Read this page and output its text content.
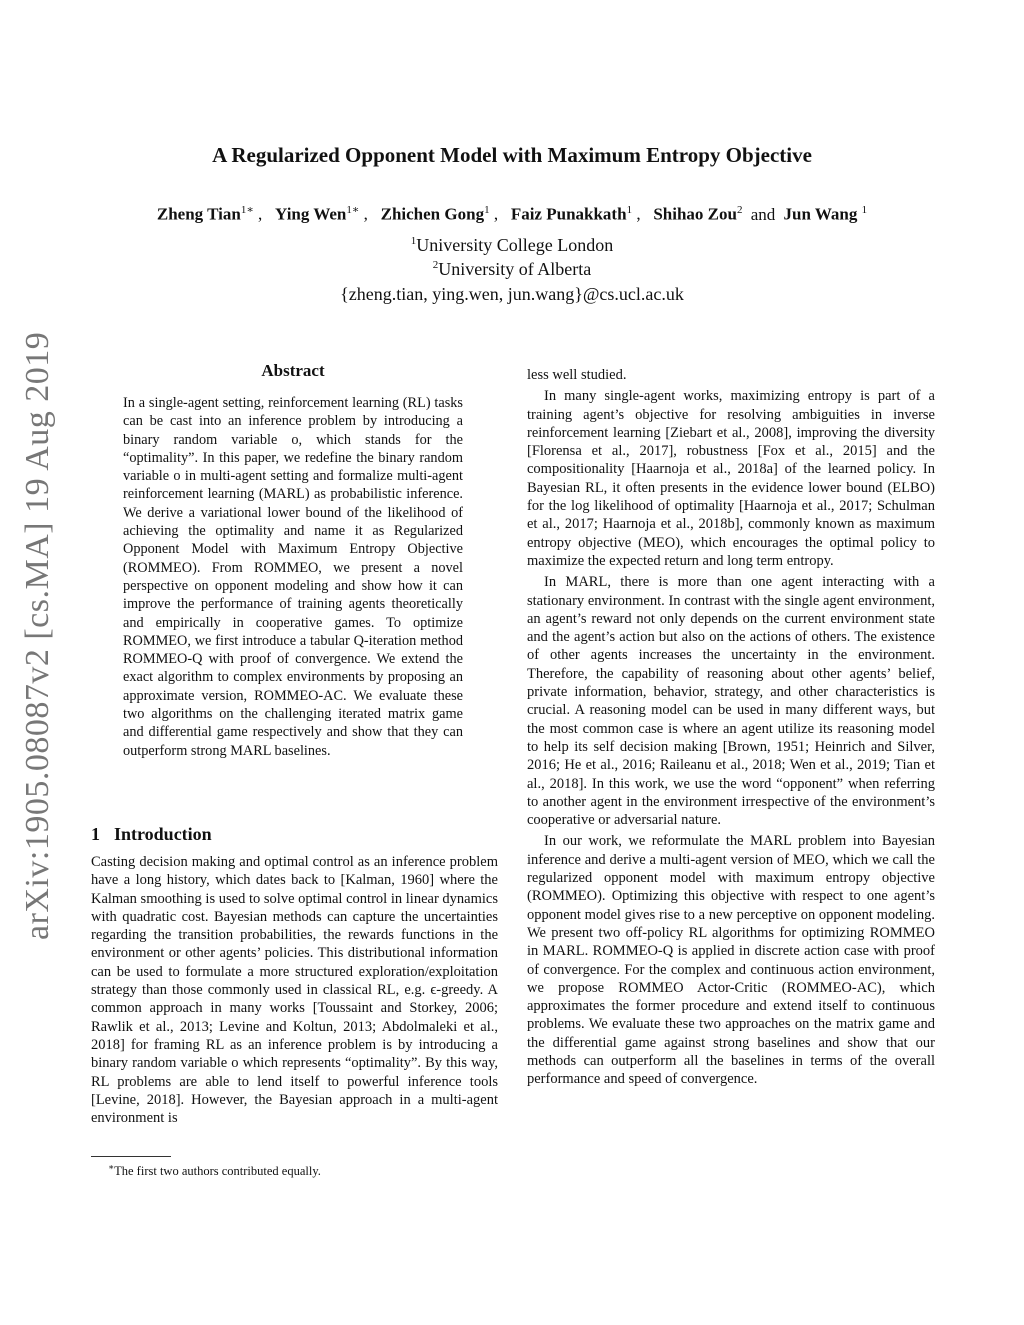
arXiv:1905.08087v2 [cs.MA] 19 Aug 2019
A Regularized Opponent Model with Maximum Entropy Objective
Zheng Tian$^{1∗}$ ,   Ying Wen$^{1∗}$ ,   Zhichen Gong$^1$ ,   Faiz Punakkath$^1$ ,   Shihao Zou$^2$ and Jun Wang $^1$
$^1$University College London
$^2$University of Alberta
{zheng.tian, ying.wen, jun.wang}@cs.ucl.ac.uk
Abstract
In a single-agent setting, reinforcement learning (RL) tasks can be cast into an inference problem by introducing a binary random variable o, which stands for the “optimality”. In this paper, we redefine the binary random variable o in multi-agent setting and formalize multi-agent reinforcement learning (MARL) as probabilistic inference. We derive a variational lower bound of the likelihood of achieving the optimality and name it as Regularized Opponent Model with Maximum Entropy Objective (ROMMEO). From ROMMEO, we present a novel perspective on opponent modeling and show how it can improve the performance of training agents theoretically and empirically in cooperative games. To optimize ROMMEO, we first introduce a tabular Q-iteration method ROMMEO-Q with proof of convergence. We extend the exact algorithm to complex environments by proposing an approximate version, ROMMEO-AC. We evaluate these two algorithms on the challenging iterated matrix game and differential game respectively and show that they can outperform strong MARL baselines.
1 Introduction

Casting decision making and optimal control as an inference problem have a long history, which dates back to [Kalman, 1960] where the Kalman smoothing is used to solve optimal control in linear dynamics with quadratic cost. Bayesian methods can capture the uncertainties regarding the transition probabilities, the rewards functions in the environment or other agents’ policies. This distributional information can be used to formulate a more structured exploration/exploitation strategy than those commonly used in classical RL, e.g. ϵ-greedy. A common approach in many works [Toussaint and Storkey, 2006; Rawlik et al., 2013; Levine and Koltun, 2013; Abdolmaleki et al., 2018] for framing RL as an inference problem is by introducing a binary random variable o which represents “optimality”. By this way, RL problems are able to lend itself to powerful inference tools [Levine, 2018]. However, the Bayesian approach in a multi-agent environment is

∗The first two authors contributed equally.

less well studied.

In many single-agent works, maximizing entropy is part of a training agent’s objective for resolving ambiguities in inverse reinforcement learning [Ziebart et al., 2008], improving the diversity [Florensa et al., 2017], robustness [Fox et al., 2015] and the compositionality [Haarnoja et al., 2018a] of the learned policy. In Bayesian RL, it often presents in the evidence lower bound (ELBO) for the log likelihood of optimality [Haarnoja et al., 2017; Schulman et al., 2017; Haarnoja et al., 2018b], commonly known as maximum entropy objective (MEO), which encourages the optimal policy to maximize the expected return and long term entropy.

In MARL, there is more than one agent interacting with a stationary environment. In contrast with the single agent environment, an agent’s reward not only depends on the current environment state and the agent’s action but also on the actions of others. The existence of other agents increases the uncertainty in the environment. Therefore, the capability of reasoning about other agents’ belief, private information, behavior, strategy, and other characteristics is crucial. A reasoning model can be used in many different ways, but the most common case is where an agent utilize its reasoning model to help its self decision making [Brown, 1951; Heinrich and Silver, 2016; He et al., 2016; Raileanu et al., 2018; Wen et al., 2019; Tian et al., 2018]. In this work, we use the word “opponent” when referring to another agent in the environment irrespective of the environment’s cooperative or adversarial nature.

In our work, we reformulate the MARL problem into Bayesian inference and derive a multi-agent version of MEO, which we call the regularized opponent model with maximum entropy objective (ROMMEO). Optimizing this objective with respect to one agent’s opponent model gives rise to a new perceptive on opponent modeling. We present two off-policy RL algorithms for optimizing ROMMEO in MARL. ROMMEO-Q is applied in discrete action case with proof of convergence. For the complex and continuous action environment, we propose ROMMEO Actor-Critic (ROMMEO-AC), which approximates the former procedure and extend itself to continuous problems. We evaluate these two approaches on the matrix game and the differential game against strong baselines and show that our methods can outperform all the baselines in terms of the overall performance and speed of convergence.
